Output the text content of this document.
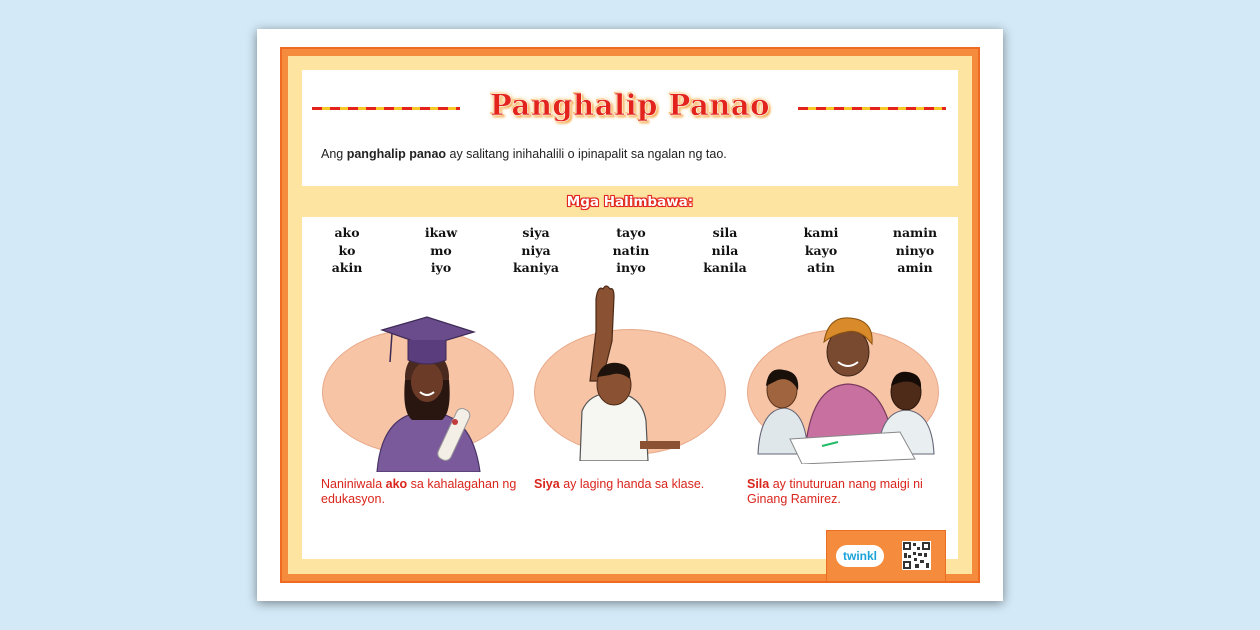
Panghalip Panao
Ang panghalip panao ay salitang inihahalili o ipinapalit sa ngalan ng tao.
Mga Halimbawa:
ako
ko
akin
ikaw
mo
iyo
siya
niya
kaniya
tayo
natin
inyo
sila
nila
kanila
kami
kayo
atin
namin
ninyo
amin
Naniniwala ako sa kahalagahan ng edukasyon.
Siya ay laging handa sa klase.	Sila ay tinuturuan nang maigi ni Ginang Ramirez.
twinkl
